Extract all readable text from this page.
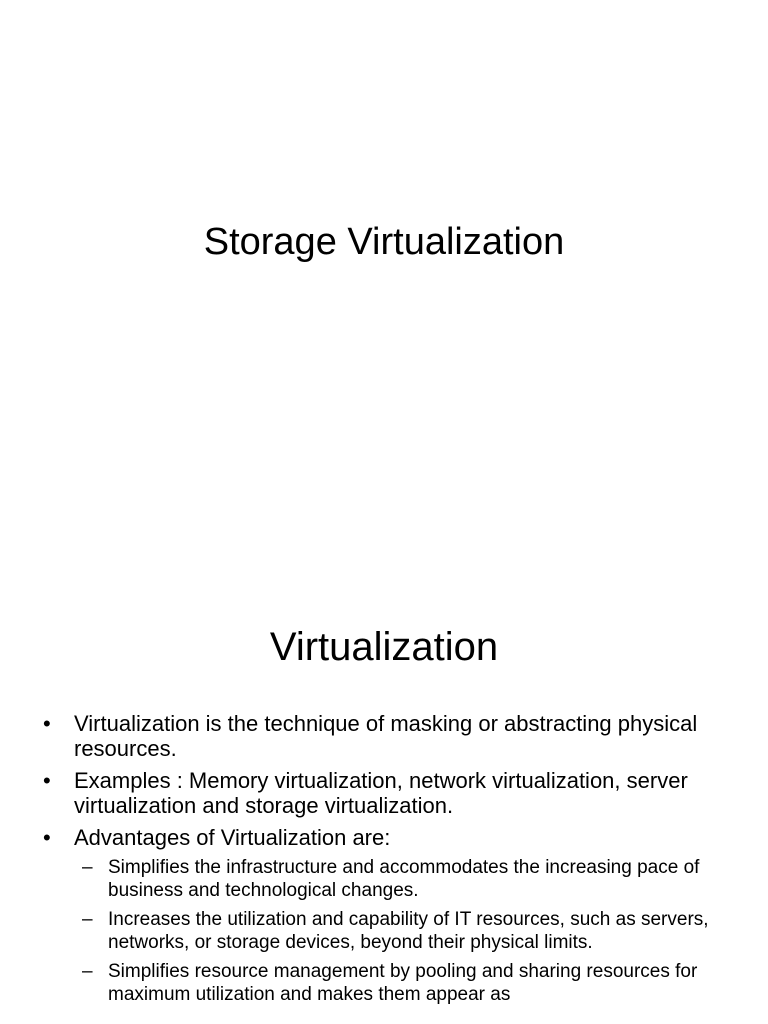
Storage Virtualization
Virtualization
• Virtualization is the technique of masking or abstracting physical resources.
• Examples : Memory virtualization, network virtualization, server virtualization and storage virtualization.
• Advantages of Virtualization are:
– Simplifies the infrastructure and accommodates the increasing pace of business and technological changes.
– Increases the utilization and capability of IT resources, such as servers, networks, or storage devices, beyond their physical limits.
– Simplifies resource management by pooling and sharing resources for maximum utilization and makes them appear as
